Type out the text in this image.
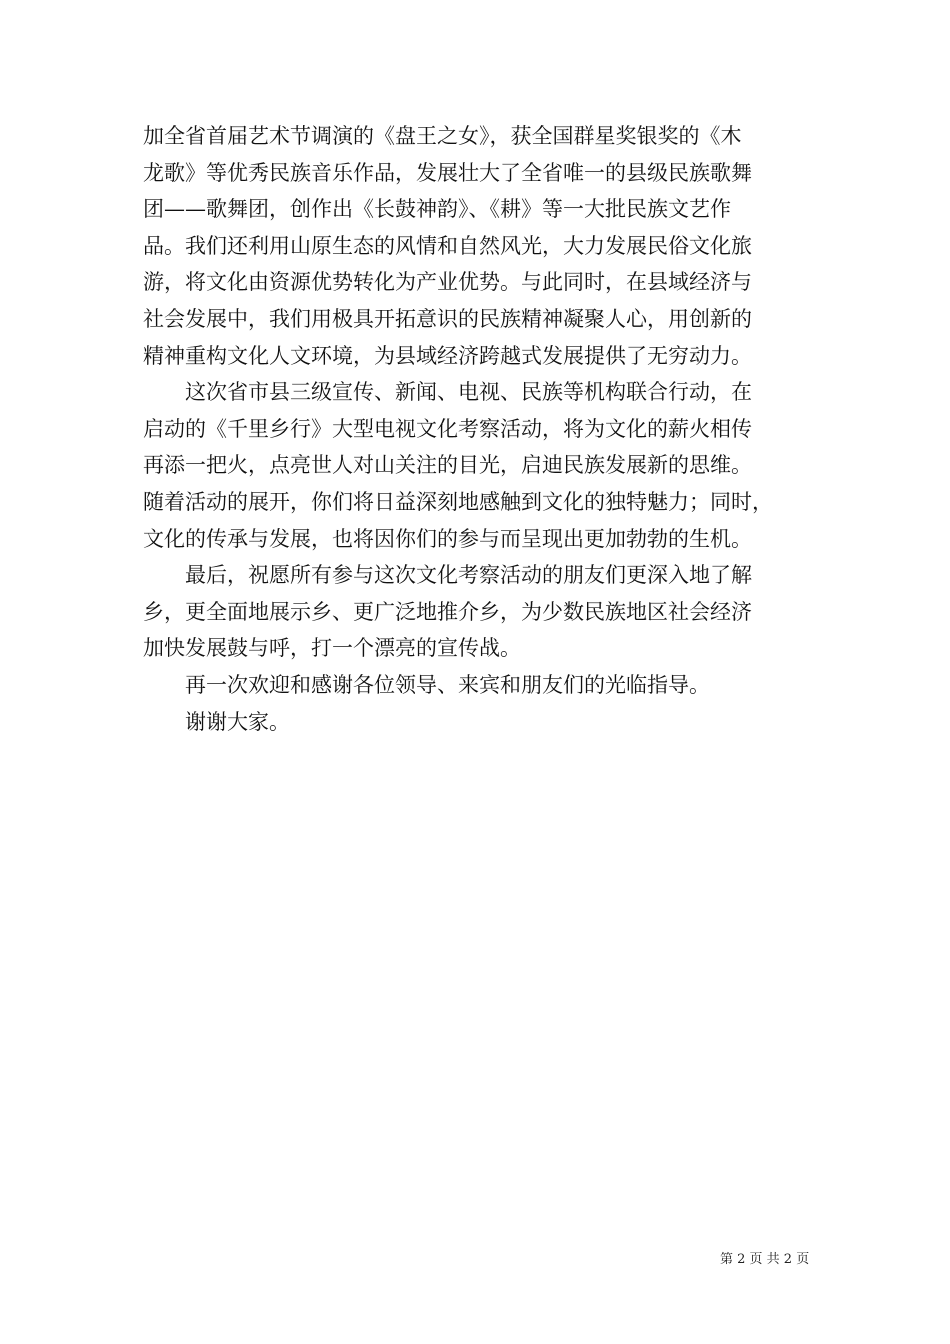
加全省首届艺术节调演的《盘王之女》，获全国群星奖银奖的《木
龙歌》等优秀民族音乐作品，发展壮大了全省唯一的县级民族歌舞
团——歌舞团，创作出《长鼓神韵》、《耕》等一大批民族文艺作
品。我们还利用山原生态的风情和自然风光，大力发展民俗文化旅
游，将文化由资源优势转化为产业优势。与此同时，在县域经济与
社会发展中，我们用极具开拓意识的民族精神凝聚人心，用创新的
精神重构文化人文环境，为县域经济跨越式发展提供了无穷动力。
这次省市县三级宣传、新闻、电视、民族等机构联合行动，在
启动的《千里乡行》大型电视文化考察活动，将为文化的薪火相传
再添一把火，点亮世人对山关注的目光，启迪民族发展新的思维。
随着活动的展开，你们将日益深刻地感触到文化的独特魅力；同时，
文化的传承与发展，也将因你们的参与而呈现出更加勃勃的生机。
最后，祝愿所有参与这次文化考察活动的朋友们更深入地了解
乡，更全面地展示乡、更广泛地推介乡，为少数民族地区社会经济
加快发展鼓与呼，打一个漂亮的宣传战。
再一次欢迎和感谢各位领导、来宾和朋友们的光临指导。
谢谢大家。
第 2 页 共 2 页
